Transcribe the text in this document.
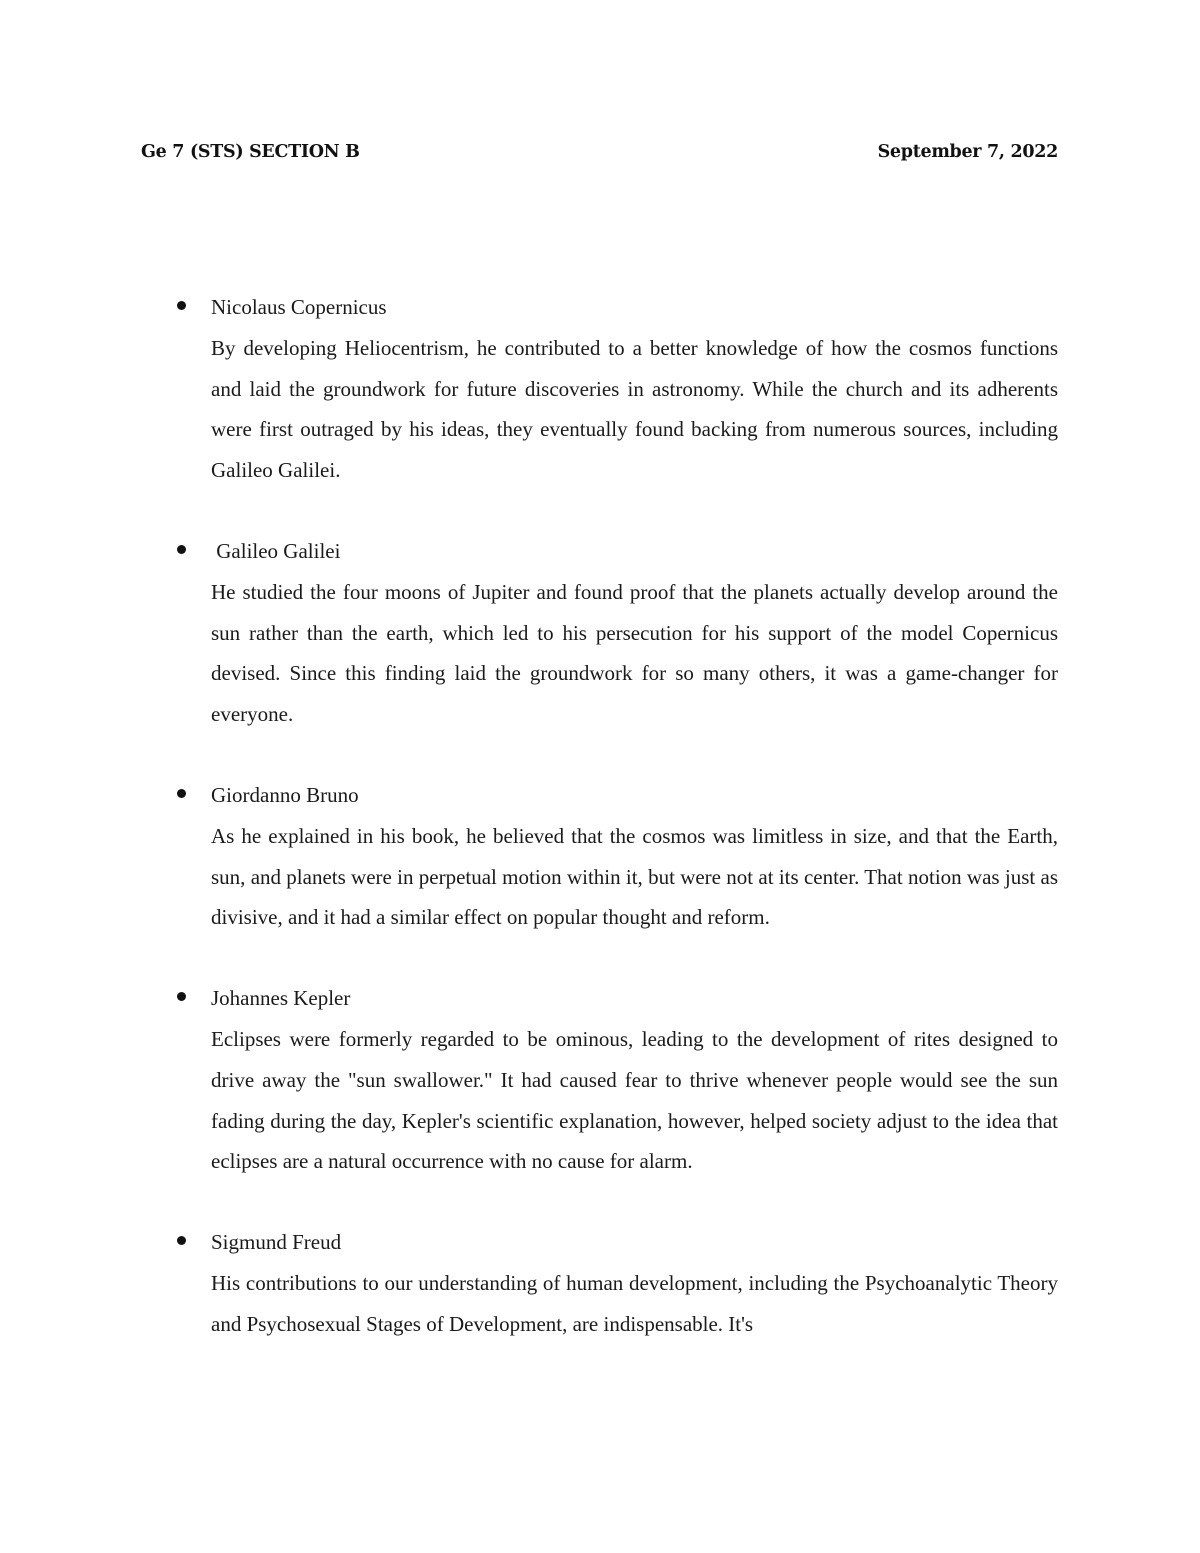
Ge 7 (STS) SECTION B	September 7, 2022
Nicolaus Copernicus
By developing Heliocentrism, he contributed to a better knowledge of how the cosmos functions and laid the groundwork for future discoveries in astronomy. While the church and its adherents were first outraged by his ideas, they eventually found backing from numerous sources, including Galileo Galilei.
Galileo Galilei
He studied the four moons of Jupiter and found proof that the planets actually develop around the sun rather than the earth, which led to his persecution for his support of the model Copernicus devised. Since this finding laid the groundwork for so many others, it was a game-changer for everyone.
Giordanno Bruno
As he explained in his book, he believed that the cosmos was limitless in size, and that the Earth, sun, and planets were in perpetual motion within it, but were not at its center. That notion was just as divisive, and it had a similar effect on popular thought and reform.
Johannes Kepler
Eclipses were formerly regarded to be ominous, leading to the development of rites designed to drive away the "sun swallower." It had caused fear to thrive whenever people would see the sun fading during the day, Kepler's scientific explanation, however, helped society adjust to the idea that eclipses are a natural occurrence with no cause for alarm.
Sigmund Freud
His contributions to our understanding of human development, including the Psychoanalytic Theory and Psychosexual Stages of Development, are indispensable. It's
